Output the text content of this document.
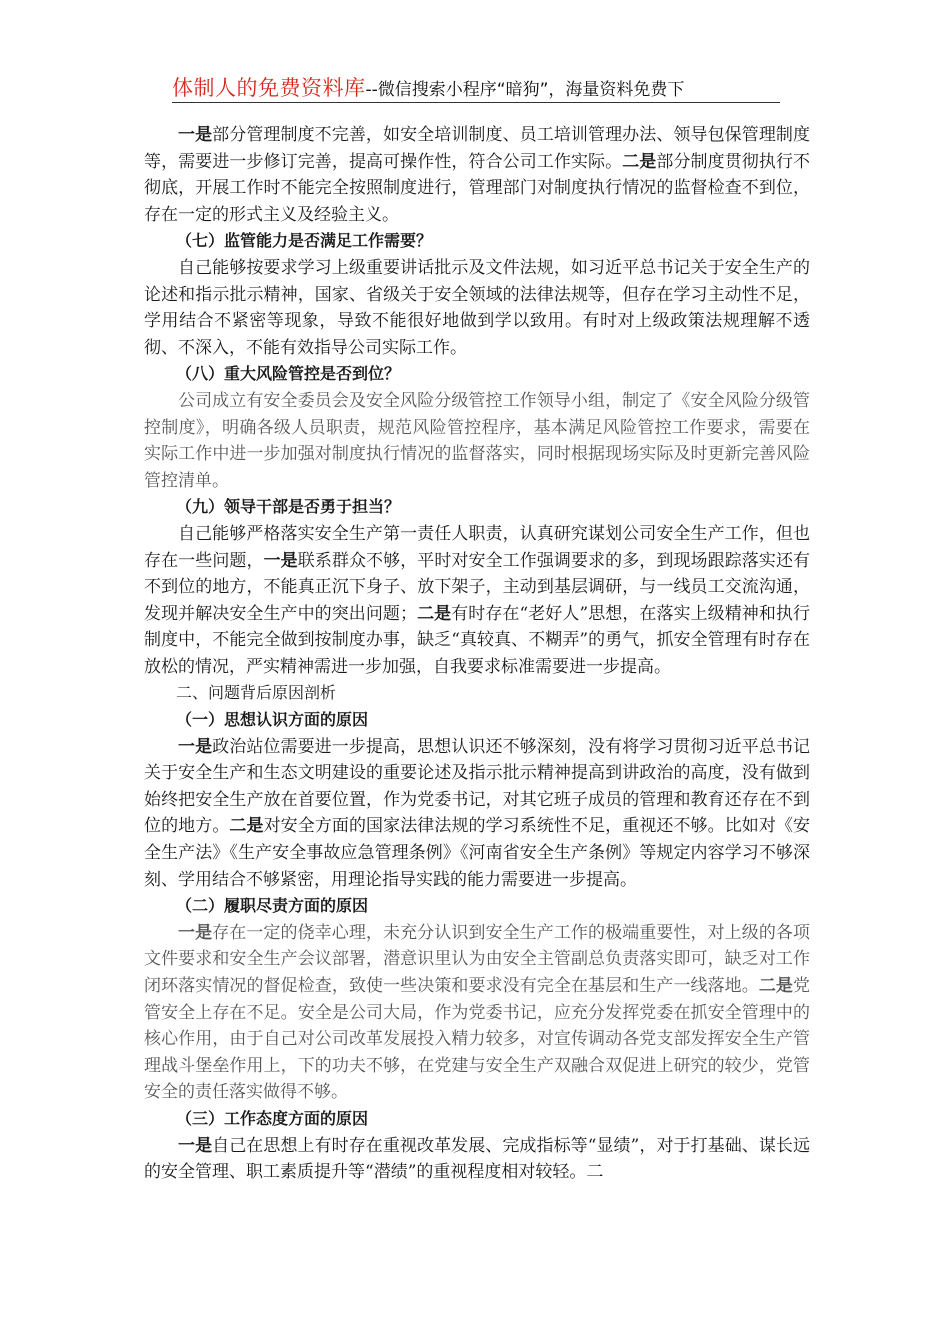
体制人的免费资料库--微信搜索小程序“暗狗”，海量资料免费下

一是部分管理制度不完善，如安全培训制度、员工培训管理办法、领导包保管理制度等，需要进一步修订完善，提高可操作性，符合公司工作实际。二是部分制度贯彻执行不彻底，开展工作时不能完全按照制度进行，管理部门对制度执行情况的监督检查不到位，存在一定的形式主义及经验主义。

（七）监管能力是否满足工作需要？

自己能够按要求学习上级重要讲话批示及文件法规，如习近平总书记关于安全生产的论述和指示批示精神，国家、省级关于安全领域的法律法规等，但存在学习主动性不足，学用结合不紧密等现象，导致不能很好地做到学以致用。有时对上级政策法规理解不透彻、不深入，不能有效指导公司实际工作。

（八）重大风险管控是否到位？

公司成立有安全委员会及安全风险分级管控工作领导小组，制定了《安全风险分级管控制度》，明确各级人员职责，规范风险管控程序，基本满足风险管控工作要求，需要在实际工作中进一步加强对制度执行情况的监督落实，同时根据现场实际及时更新完善风险管控清单。

（九）领导干部是否勇于担当？

自己能够严格落实安全生产第一责任人职责，认真研究谋划公司安全生产工作，但也存在一些问题，一是联系群众不够，平时对安全工作强调要求的多，到现场跟踪落实还有不到位的地方，不能真正沉下身子、放下架子，主动到基层调研，与一线员工交流沟通，发现并解决安全生产中的突出问题；二是有时存在“老好人”思想，在落实上级精神和执行制度中，不能完全做到按制度办事，缺乏“真较真、不糊弄”的勇气，抓安全管理有时存在放松的情况，严实精神需进一步加强，自我要求标准需要进一步提高。

二、问题背后原因剖析

（一）思想认识方面的原因

一是政治站位需要进一步提高，思想认识还不够深刻，没有将学习贯彻习近平总书记关于安全生产和生态文明建设的重要论述及指示批示精神提高到讲政治的高度，没有做到始终把安全生产放在首要位置，作为党委书记，对其它班子成员的管理和教育还存在不到位的地方。二是对安全方面的国家法律法规的学习系统性不足，重视还不够。比如对《安全生产法》《生产安全事故应急管理条例》《河南省安全生产条例》等规定内容学习不够深刻、学用结合不够紧密，用理论指导实践的能力需要进一步提高。

（二）履职尽责方面的原因

一是存在一定的侥幸心理，未充分认识到安全生产工作的极端重要性，对上级的各项文件要求和安全生产会议部署，潜意识里认为由安全主管副总负责落实即可，缺乏对工作闭环落实情况的督促检查，致使一些决策和要求没有完全在基层和生产一线落地。二是党管安全上存在不足。安全是公司大局，作为党委书记，应充分发挥党委在抓安全管理中的核心作用，由于自己对公司改革发展投入精力较多，对宣传调动各党支部发挥安全生产管理战斗堡垒作用上，下的功夫不够，在党建与安全生产双融合双促进上研究的较少，党管安全的责任落实做得不够。

（三）工作态度方面的原因

一是自己在思想上有时存在重视改革发展、完成指标等“显绩”，对于打基础、谋长远的安全管理、职工素质提升等“潜绩”的重视程度相对较轻。二
